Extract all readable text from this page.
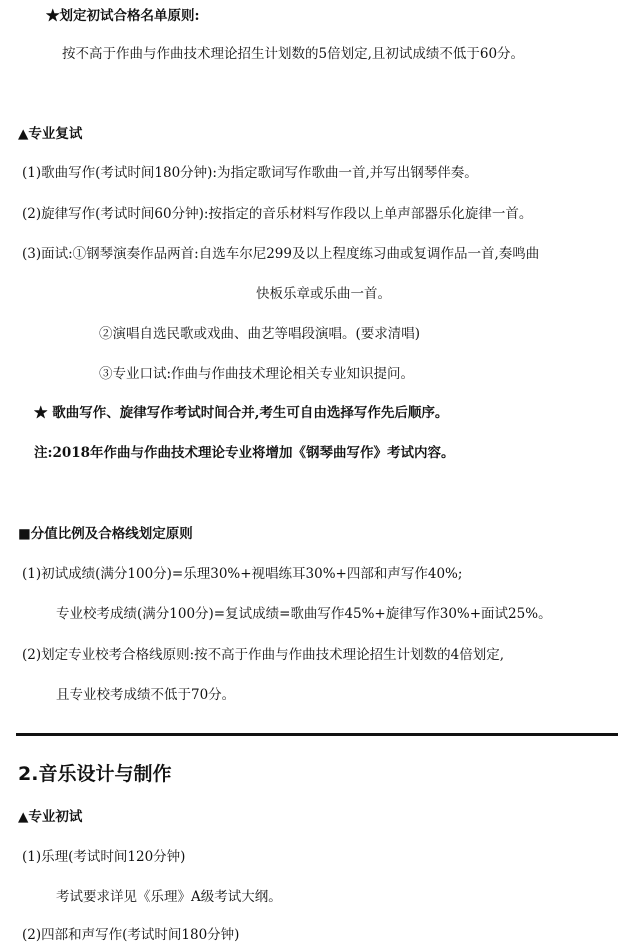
★划定初试合格名单原则:
按不高于作曲与作曲技术理论招生计划数的5倍划定,且初试成绩不低于60分。
▲专业复试
(1)歌曲写作(考试时间180分钟):为指定歌词写作歌曲一首,并写出钢琴伴奏。
(2)旋律写作(考试时间60分钟):按指定的音乐材料写作段以上单声部器乐化旋律一首。
(3)面试:①钢琴演奏作品两首:自选车尔尼299及以上程度练习曲或复调作品一首,奏鸣曲
快板乐章或乐曲一首。
②演唱自选民歌或戏曲、曲艺等唱段演唱。(要求清唱)
③专业口试:作曲与作曲技术理论相关专业知识提问。
★ 歌曲写作、旋律写作考试时间合并,考生可自由选择写作先后顺序。
注:2018年作曲与作曲技术理论专业将增加《钢琴曲写作》考试内容。
■分值比例及合格线划定原则
(1)初试成绩(满分100分)=乐理30%+视唱练耳30%+四部和声写作40%;
专业校考成绩(满分100分)=复试成绩=歌曲写作45%+旋律写作30%+面试25%。
(2)划定专业校考合格线原则:按不高于作曲与作曲技术理论招生计划数的4倍划定,
且专业校考成绩不低于70分。
2.音乐设计与制作
▲专业初试
(1)乐理(考试时间120分钟)
考试要求详见《乐理》A级考试大纲。
(2)四部和声写作(考试时间180分钟)
